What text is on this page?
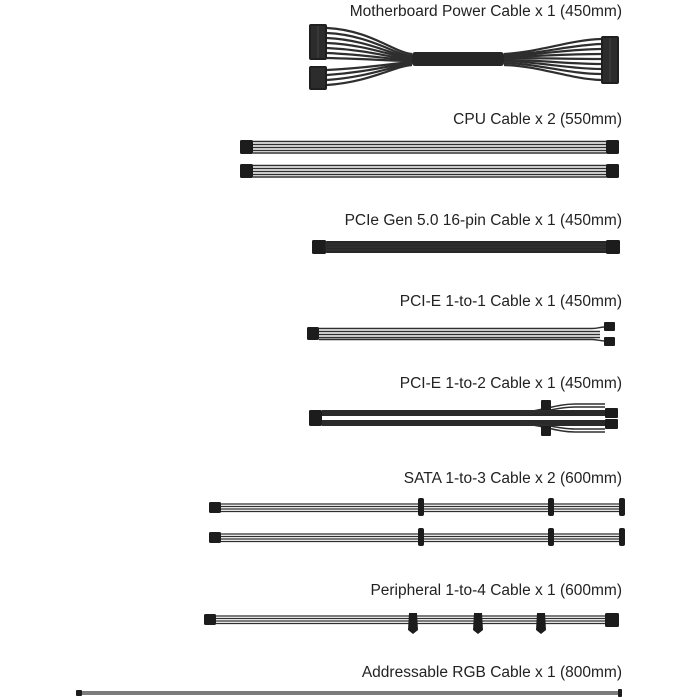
Motherboard Power Cable x 1 (450mm)
CPU Cable x 2 (550mm)
PCIe Gen 5.0 16-pin Cable x 1 (450mm)
PCI-E 1-to-1 Cable x 1 (450mm)
PCI-E 1-to-2 Cable x 1 (450mm)
SATA 1-to-3 Cable x 2 (600mm)
Peripheral 1-to-4 Cable x 1 (600mm)
Addressable RGB Cable x 1 (800mm)
